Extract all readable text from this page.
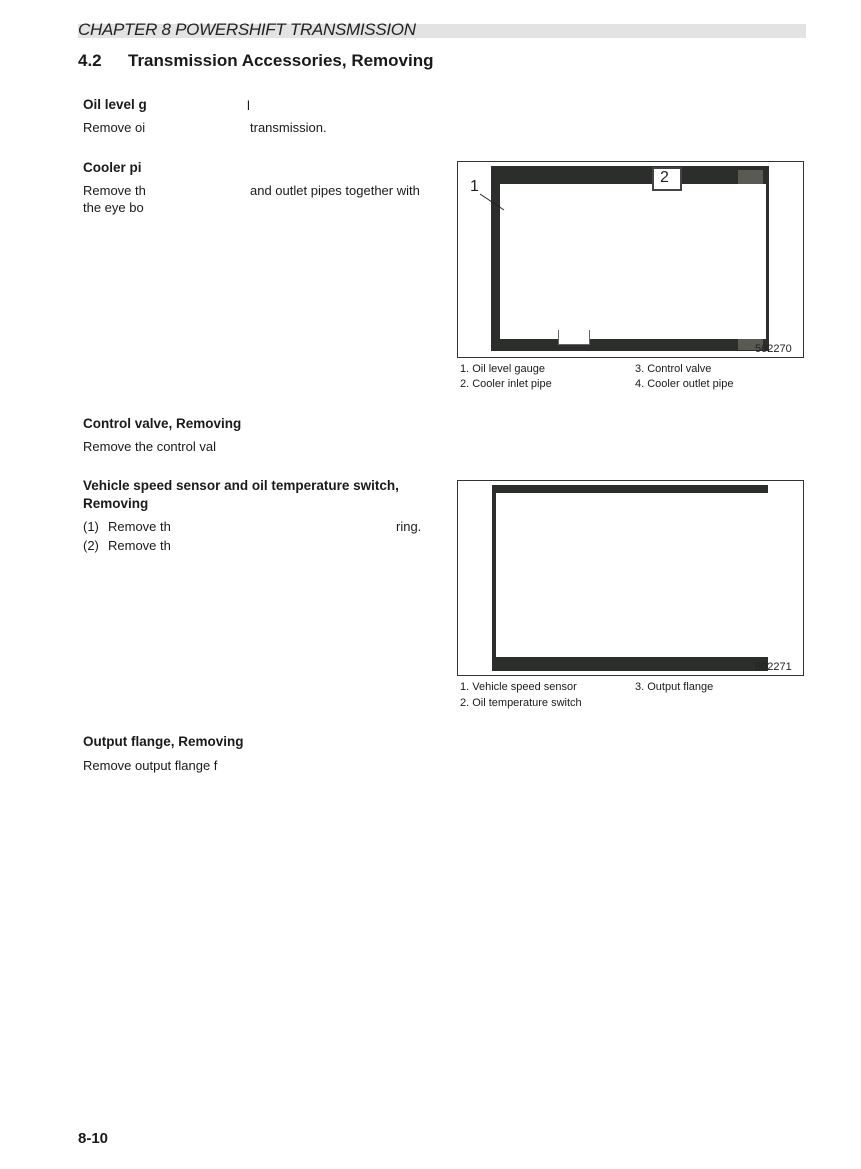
CHAPTER 8 POWERSHIFT TRANSMISSION
4.2 Transmission Accessories, Removing
Oil level g	l
Remove oi	transmission.
Cooler pi
Remove th	and outlet pipes together with
the eye bo
2
1
502270
1. Oil level gauge
2. Cooler inlet pipe
3. Control valve
4. Cooler outlet pipe
Control valve, Removing
Remove the control val
Vehicle speed sensor and oil temperature switch,
Removing
(1) Remove th	ring.
(2) Remove th
502271
1. Vehicle speed sensor
2. Oil temperature switch
3. Output flange
Output flange, Removing
Remove output flange f
8-10
